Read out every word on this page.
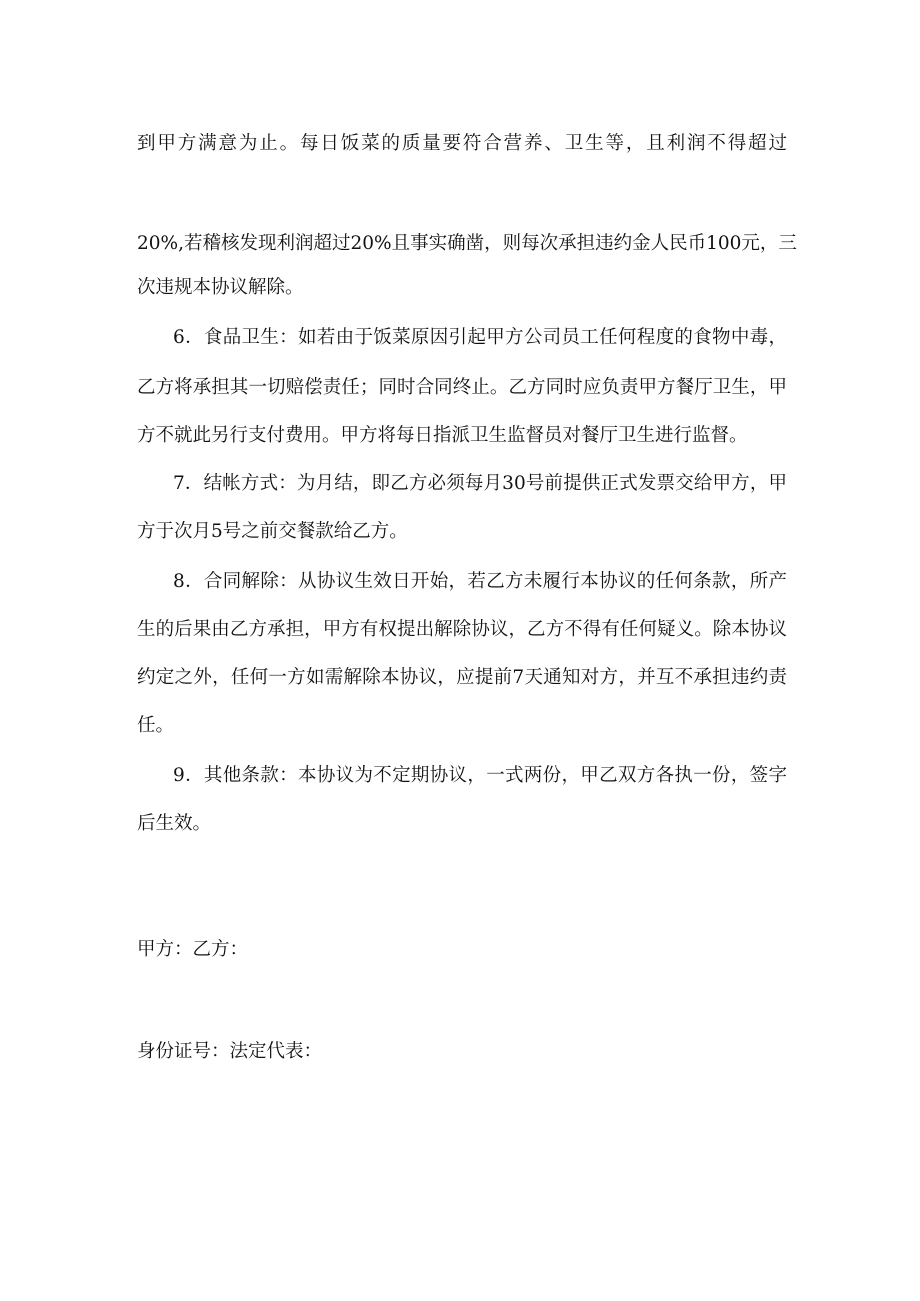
到甲方满意为止。每日饭菜的质量要符合营养、卫生等，且利润不得超过
20%,若稽核发现利润超过20%且事实确凿，则每次承担违约金人民币100元，三
次违规本协议解除。
6．食品卫生：如若由于饭菜原因引起甲方公司员工任何程度的食物中毒，
乙方将承担其一切赔偿责任；同时合同终止。乙方同时应负责甲方餐厅卫生，甲
方不就此另行支付费用。甲方将每日指派卫生监督员对餐厅卫生进行监督。
7．结帐方式：为月结，即乙方必须每月30号前提供正式发票交给甲方，甲
方于次月5号之前交餐款给乙方。
8．合同解除：从协议生效日开始，若乙方未履行本协议的任何条款，所产
生的后果由乙方承担，甲方有权提出解除协议，乙方不得有任何疑义。除本协议
约定之外，任何一方如需解除本协议，应提前7天通知对方，并互不承担违约责
任。
9．其他条款：本协议为不定期协议，一式两份，甲乙双方各执一份，签字
后生效。
甲方：乙方：
身份证号：法定代表：
